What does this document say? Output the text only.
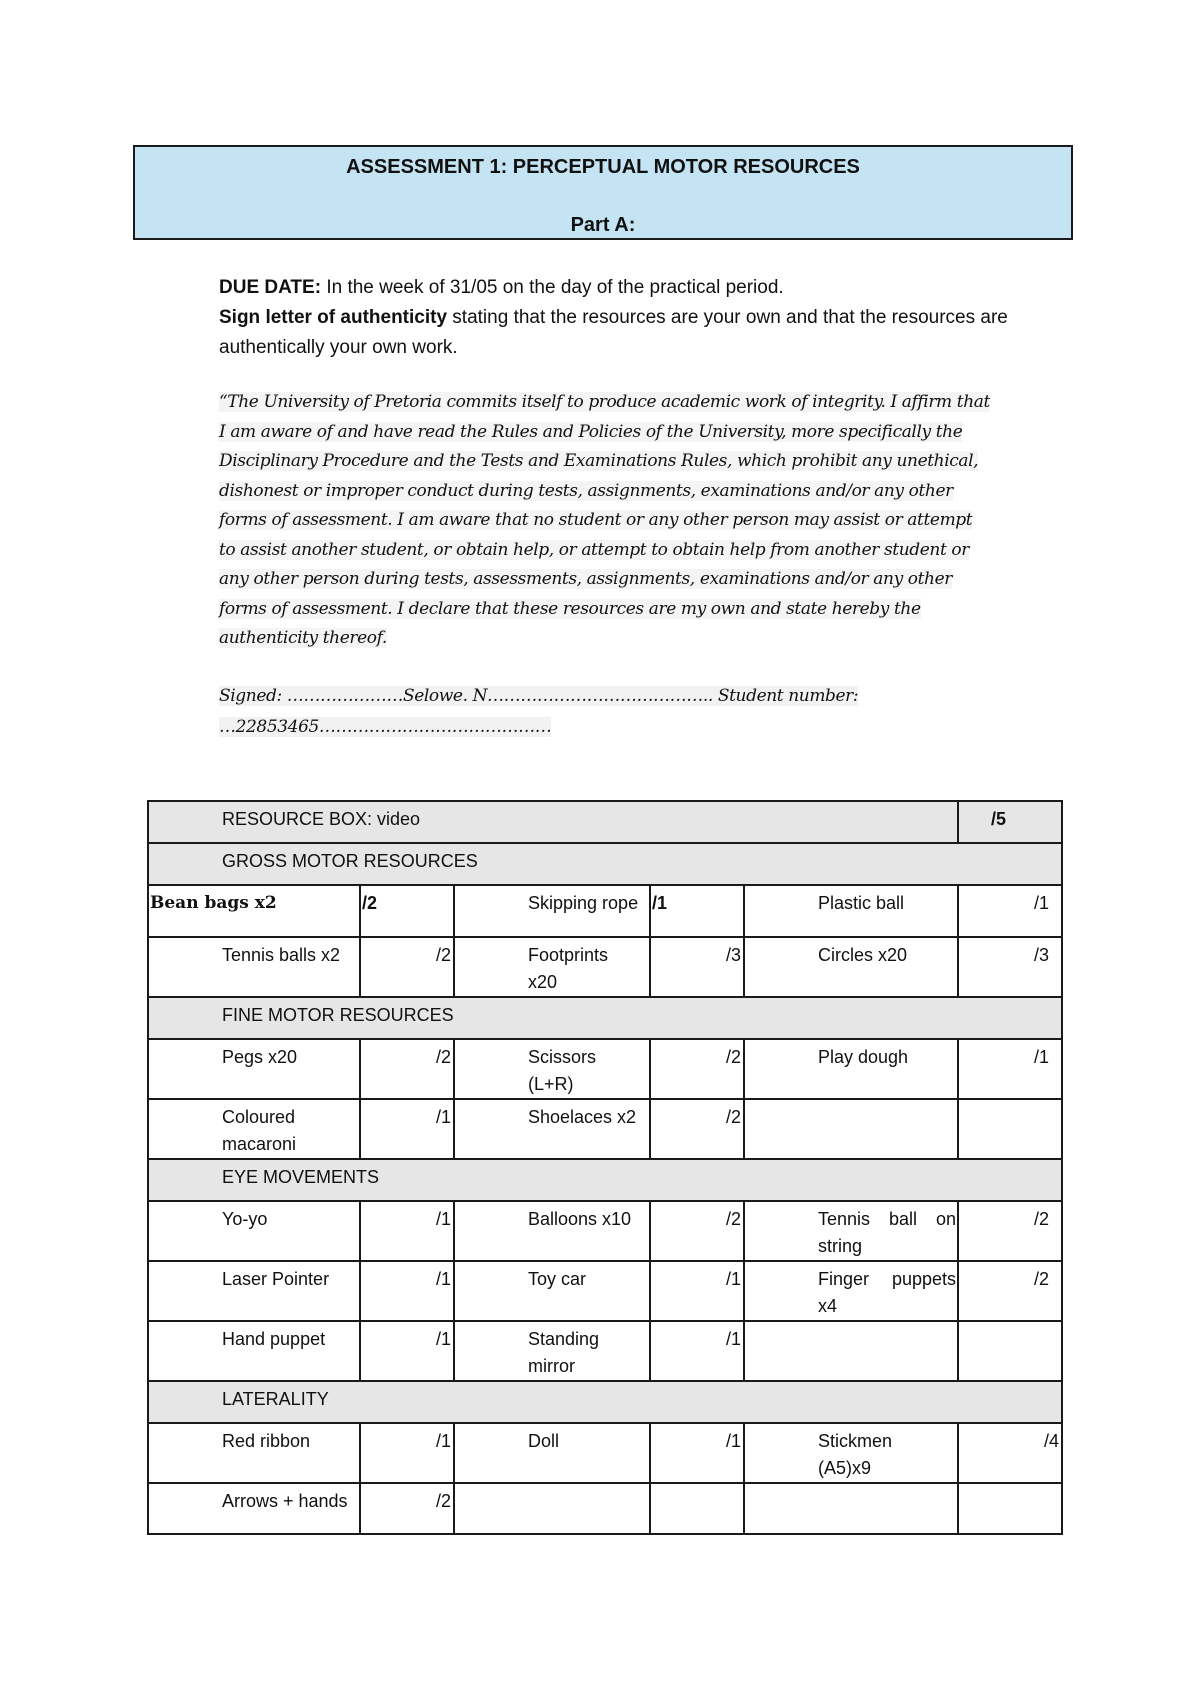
ASSESSMENT 1: PERCEPTUAL MOTOR RESOURCES
Part A:
DUE DATE: In the week of 31/05 on the day of the practical period.
Sign letter of authenticity stating that the resources are your own and that the resources are authentically your own work.
“The University of Pretoria commits itself to produce academic work of integrity. I affirm that
I am aware of and have read the Rules and Policies of the University, more specifically the
Disciplinary Procedure and the Tests and Examinations Rules, which prohibit any unethical,
dishonest or improper conduct during tests, assignments, examinations and/or any other
forms of assessment. I am aware that no student or any other person may assist or attempt
to assist another student, or obtain help, or attempt to obtain help from another student or
any other person during tests, assessments, assignments, examinations and/or any other
forms of assessment. I declare that these resources are my own and state hereby the
authenticity thereof.
Signed: …………………Selowe. N………………………………….. Student number:
…22853465……………………………………
RESOURCE BOX: video					/5
GROSS MOTOR RESOURCES					
Bean bags x2	/2	Skipping rope	/1	Plastic ball	/1
Tennis balls x2	/2	Footprints x20	/3	Circles x20	/3
FINE MOTOR RESOURCES					
Pegs x20	/2	Scissors (L+R)	/2	Play dough	/1
Coloured macaroni	/1	Shoelaces x2	/2		
EYE MOVEMENTS					
Yo-yo	/1	Balloons x10	/2	Tennis ball on string	/2
Laser Pointer	/1	Toy car	/1	Finger puppets x4	/2
Hand puppet	/1	Standing mirror	/1		
LATERALITY					
Red ribbon	/1	Doll	/1	Stickmen (A5)x9	/4
Arrows + hands	/2				
